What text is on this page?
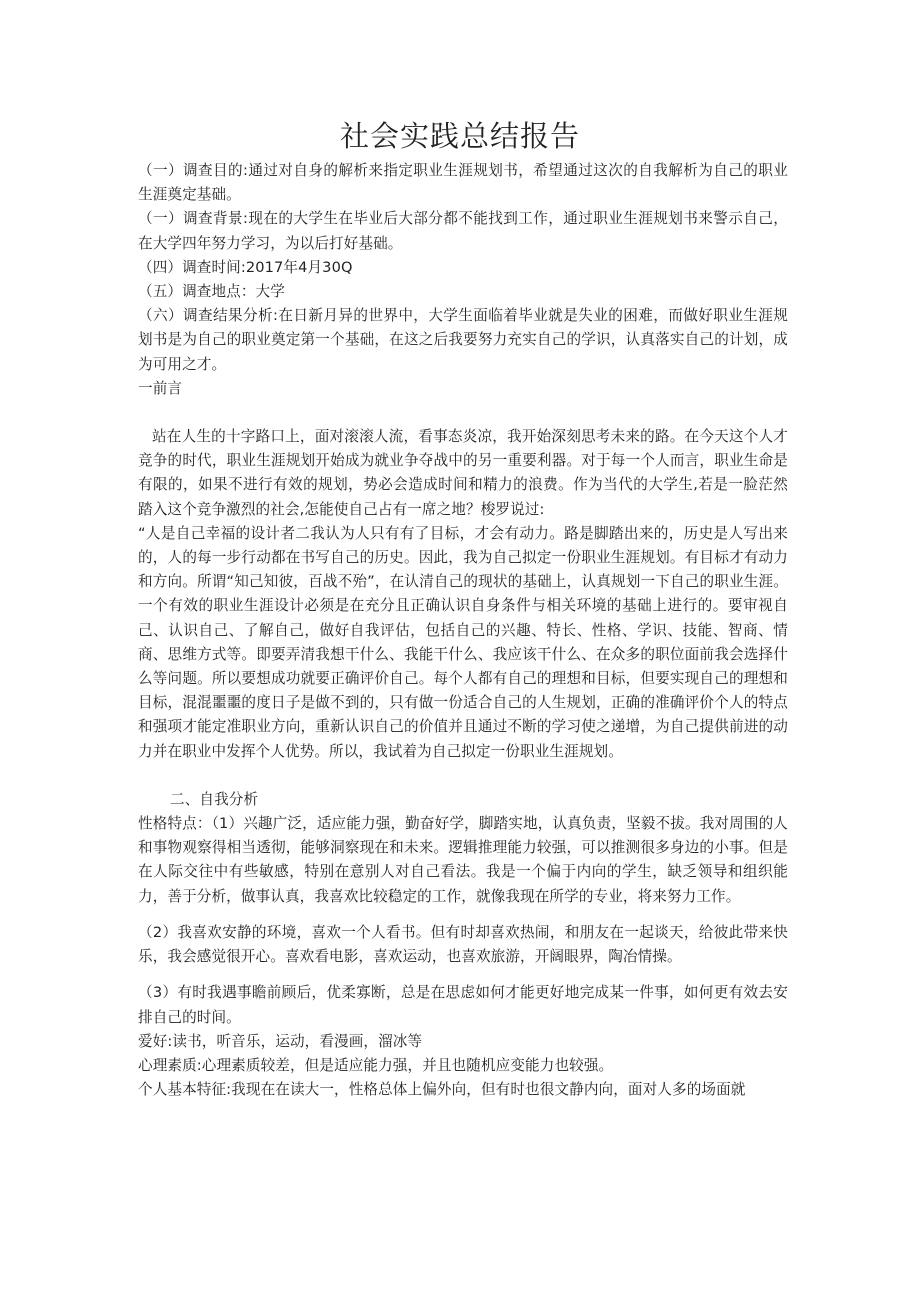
社会实践总结报告

（一）调查目的:通过对自身的解析来指定职业生涯规划书，希望通过这次的自我解析为自己的职业生涯奠定基础。

（一）调查背景:现在的大学生在毕业后大部分都不能找到工作，通过职业生涯规划书来警示自己，在大学四年努力学习，为以后打好基础。

（四）调查时间:2017年4月30Q

（五）调查地点：大学

（六）调查结果分析:在日新月异的世界中，大学生面临着毕业就是失业的困难，而做好职业生涯规划书是为自己的职业奠定第一个基础，在这之后我要努力充实自己的学识，认真落实自己的计划，成为可用之才。

一前言

站在人生的十字路口上，面对滚滚人流，看事态炎凉，我开始深刻思考未来的路。在今天这个人才竞争的时代，职业生涯规划开始成为就业争夺战中的另一重要利器。对于每一个人而言，职业生命是有限的，如果不进行有效的规划，势必会造成时间和精力的浪费。作为当代的大学生,若是一脸茫然踏入这个竞争激烈的社会,怎能使自己占有一席之地？梭罗说过:

“人是自己幸福的设计者二我认为人只有有了目标，才会有动力。路是脚踏出来的，历史是人写出来的，人的每一步行动都在书写自己的历史。因此，我为自己拟定一份职业生涯规划。有目标才有动力和方向。所谓“知己知彼，百战不殆”，在认清自己的现状的基础上，认真规划一下自己的职业生涯。一个有效的职业生涯设计必须是在充分且正确认识自身条件与相关环境的基础上进行的。要审视自己、认识自己、了解自己，做好自我评估，包括自己的兴趣、特长、性格、学识、技能、智商、情商、思维方式等。即要弄清我想干什么、我能干什么、我应该干什么、在众多的职位面前我会选择什么等问题。所以要想成功就要正确评价自己。每个人都有自己的理想和目标，但要实现自己的理想和目标，混混噩噩的度日子是做不到的，只有做一份适合自己的人生规划，正确的准确评价个人的特点和强项才能定准职业方向，重新认识自己的价值并且通过不断的学习使之递增，为自己提供前进的动力并在职业中发挥个人优势。所以，我试着为自己拟定一份职业生涯规划。

二、自我分析

性格特点：（1）兴趣广泛，适应能力强，勤奋好学，脚踏实地，认真负责，坚毅不拔。我对周围的人和事物观察得相当透彻，能够洞察现在和未来。逻辑推理能力较强，可以推测很多身边的小事。但是在人际交往中有些敏感，特别在意别人对自己看法。我是一个偏于内向的学生，缺乏领导和组织能力，善于分析，做事认真，我喜欢比较稳定的工作，就像我现在所学的专业，将来努力工作。

（2）我喜欢安静的环境，喜欢一个人看书。但有时却喜欢热闹，和朋友在一起谈天，给彼此带来快乐，我会感觉很开心。喜欢看电影，喜欢运动，也喜欢旅游，开阔眼界，陶冶情操。

（3）有时我遇事瞻前顾后，优柔寡断，总是在思虑如何才能更好地完成某一件事，如何更有效去安排自己的时间。

爱好:读书，听音乐，运动，看漫画，溜冰等

心理素质:心理素质较差，但是适应能力强，并且也随机应变能力也较强。

个人基本特征:我现在在读大一，性格总体上偏外向，但有时也很文静内向，面对人多的场面就
